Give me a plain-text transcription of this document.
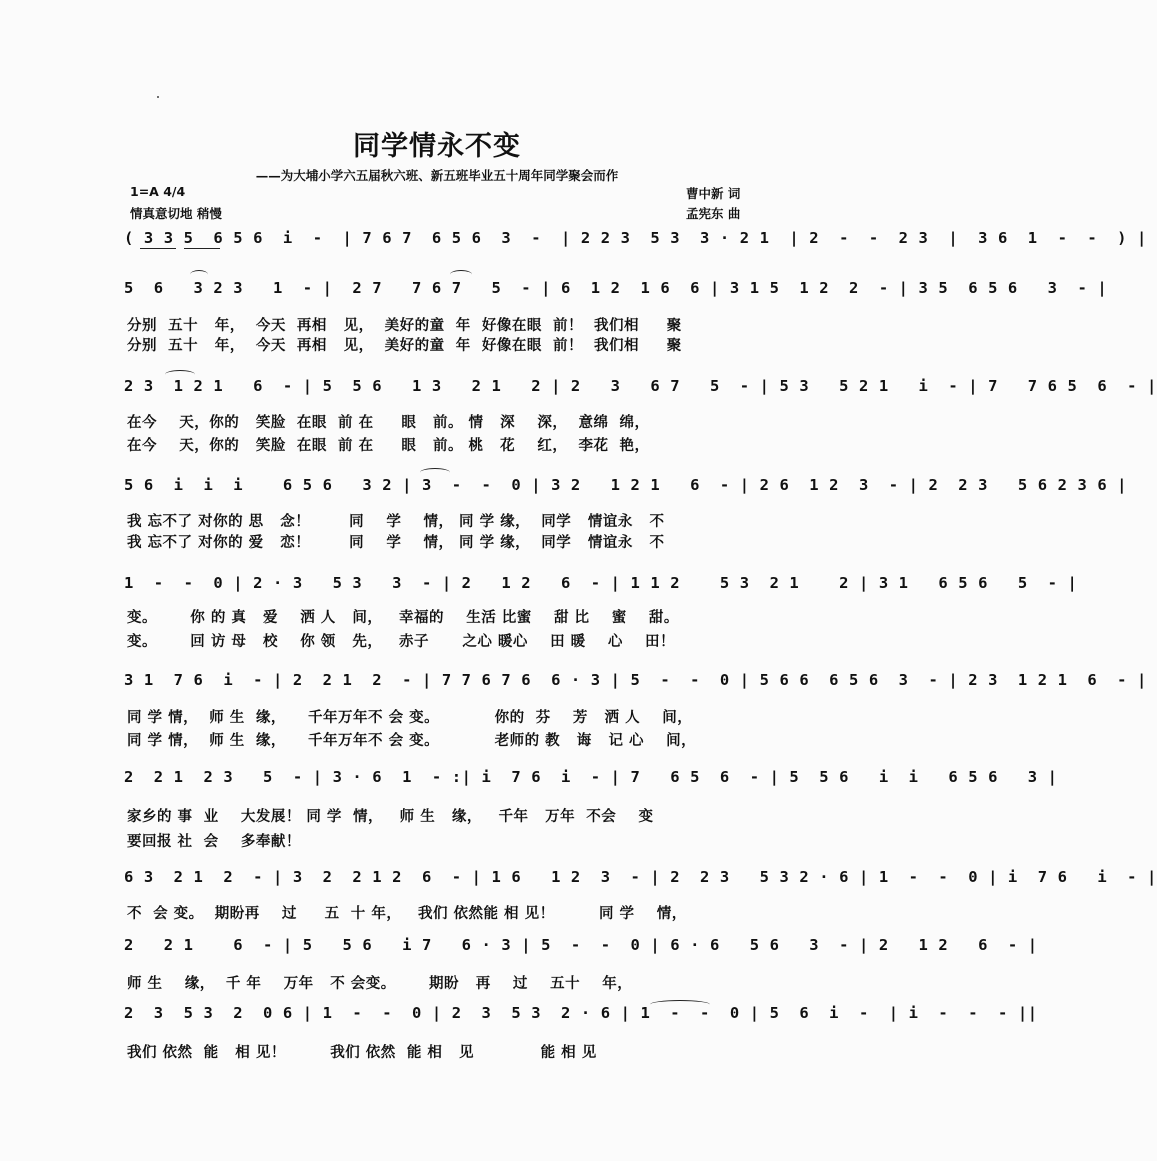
同学情永不变
——为大埔小学六五届秋六班、新五班毕业五十周年同学聚会而作
1=A 4/4
情真意切地 稍慢
曹中新 词
孟宪东 曲
( 3 3 5  6 5 6  i  -  | 7 6 7  6 5 6  3  -  | 2 2 3  5 3  3 · 2 1  | 2  -  -  2 3  |  3 6  1  -  -  ) |
5  6   3 2 3   1  - |  2 7   7 6 7   5  - | 6  1 2  1 6  6 | 3 1 5  1 2  2  - | 3 5  6 5 6   3  - |
分别  五十   年，  今天  再相   见，  美好的童  年  好像在眼  前！  我们相     聚
分别  五十   年，  今天  再相   见，  美好的童  年  好像在眼  前！  我们相     聚
2 3  1 2 1   6  - | 5  5 6   1 3   2 1   2 | 2   3   6 7   5  - | 5 3   5 2 1   i  - | 7   7 6 5  6  - |
在今    天，你的   笑脸  在眼  前 在     眼   前。 情   深    深，  意绵  绵，
在今    天，你的   笑脸  在眼  前 在     眼   前。 桃   花    红，  李花  艳，
5 6  i  i  i    6 5 6   3 2 | 3  -  -  0 | 3 2   1 2 1   6  - | 2 6  1 2  3  - | 2  2 3   5 6 2 3 6 |
我 忘不了 对你的 思   念！       同    学    情， 同 学 缘，  同学   情谊永   不
我 忘不了 对你的 爱   恋！       同    学    情， 同 学 缘，  同学   情谊永   不
1  -  -  0 | 2 · 3   5 3   3  - | 2   1 2   6  - | 1 1 2    5 3  2 1    2 | 3 1   6 5 6   5  - |
变。      你 的 真   爱    洒 人   间，   幸福的    生活 比蜜    甜 比    蜜    甜。
变。      回 访 母   校    你 领   先，   赤子      之心 暖心    田 暖    心    田！
3 1  7 6  i  - | 2  2 1  2  - | 7 7 6 7 6  6 · 3 | 5  -  -  0 | 5 6 6  6 5 6  3  - | 2 3  1 2 1  6  - |
同 学 情，  师 生  缘，    千年万年不 会 变。          你的  芬    芳   洒 人    间，
同 学 情，  师 生  缘，    千年万年不 会 变。          老师的 教   诲   记 心    间，
2  2 1  2 3   5  - | 3 · 6  1  - :| i  7 6  i  - | 7   6 5  6  - | 5  5 6   i  i   6 5 6   3 |
家乡的 事  业    大发展！ 同 学  情，   师 生   缘，   千年   万年  不会    变
要回报 社  会    多奉献！
6 3  2 1  2  - | 3  2  2 1 2  6  - | 1 6   1 2  3  - | 2  2 3   5 3 2 · 6 | 1  -  -  0 | i  7 6   i  - |
不  会 变。  期盼再    过     五  十 年，   我们 依然能 相 见！        同 学    情，
2   2 1    6  - | 5   5 6   i 7   6 · 3 | 5  -  -  0 | 6 · 6   5 6   3  - | 2   1 2   6  - |
师 生    缘，  千 年    万年   不 会变。      期盼   再    过    五十    年，
2  3  5 3  2  0 6 | 1  -  -  0 | 2  3  5 3  2 · 6 | 1  -  -  0 | 5  6  i  -  | i  -  -  - ||
我们 依然  能   相 见！        我们 依然  能 相   见            能 相 见
